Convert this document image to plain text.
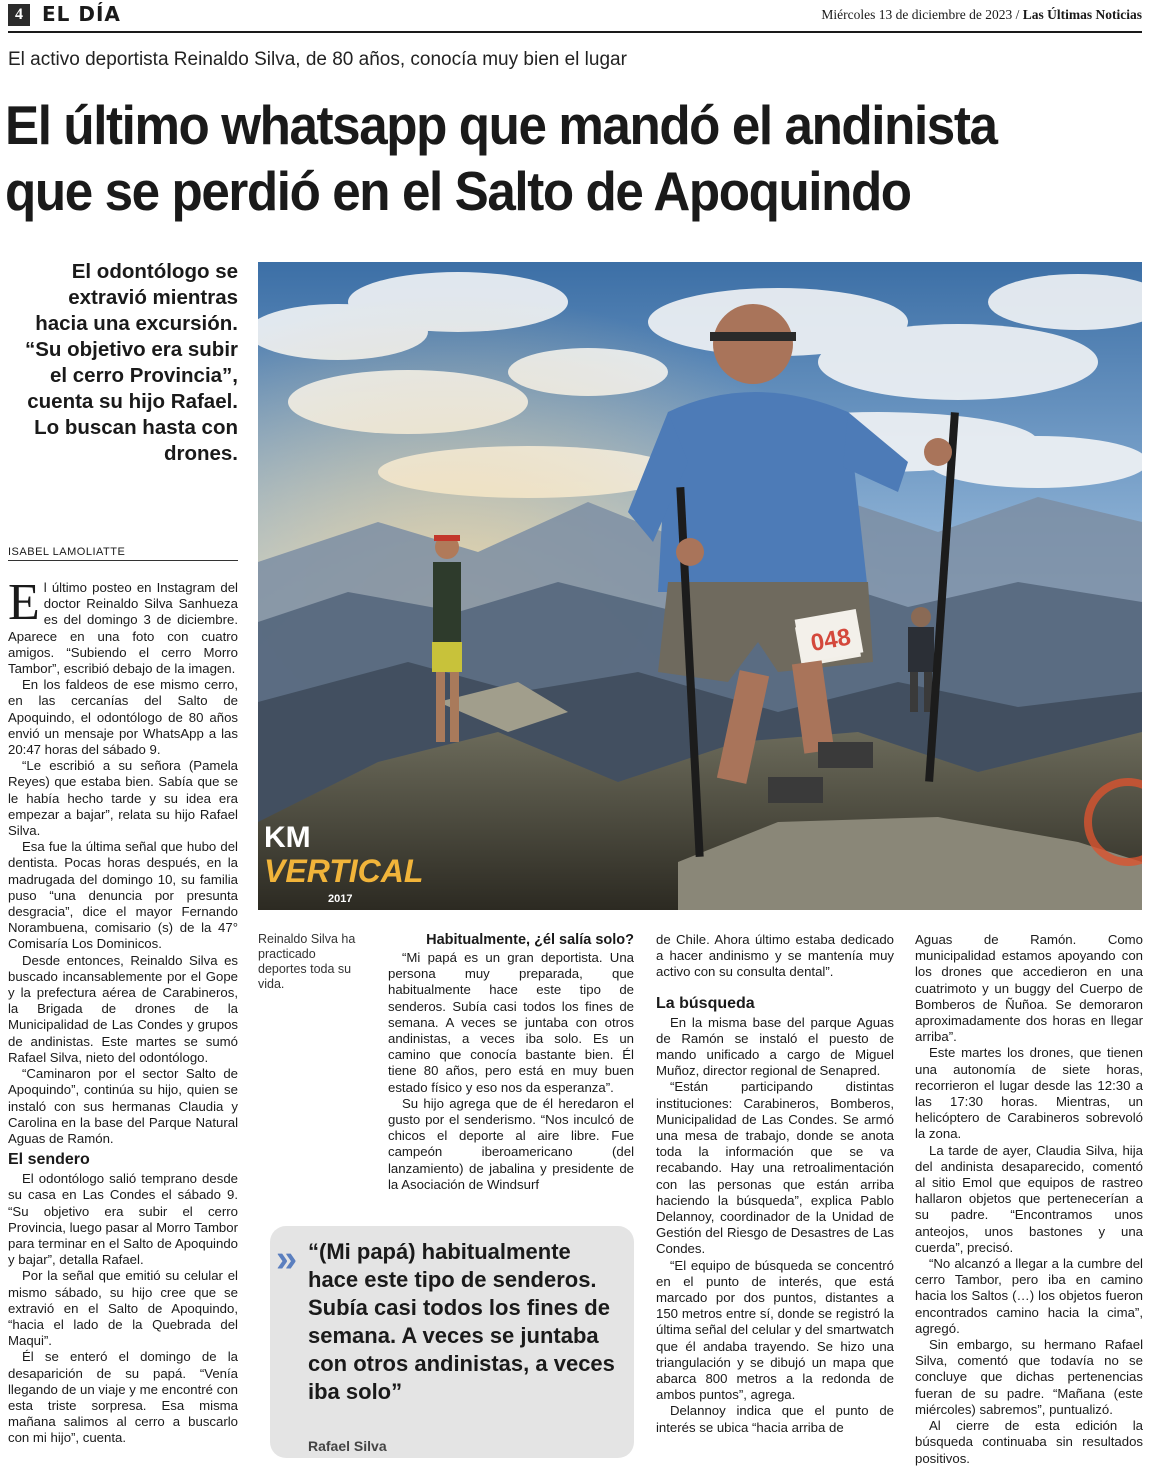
4 EL DÍA	Miércoles 13 de diciembre de 2023 / Las Últimas Noticias
El activo deportista Reinaldo Silva, de 80 años, conocía muy bien el lugar
El último whatsapp que mandó el andinista que se perdió en el Salto de Apoquindo

El odontólogo se extravió mientras hacia una excursión. “Su objetivo era subir el cerro Provincia”, cuenta su hijo Rafael. Lo buscan hasta con drones.

ISABEL LAMOLIATTE
048
KM
VERTICAL
2017
Reinaldo Silva ha practicado deportes toda su vida.

El último posteo en Instagram del doctor Reinaldo Silva Sanhueza es del domingo 3 de diciembre. Aparece en una foto con cuatro amigos. “Subiendo el cerro Morro Tambor”, escribió debajo de la imagen.

En los faldeos de ese mismo cerro, en las cercanías del Salto de Apoquindo, el odontólogo de 80 años envió un mensaje por WhatsApp a las 20:47 horas del sábado 9.

“Le escribió a su señora (Pamela Reyes) que estaba bien. Sabía que se le había hecho tarde y su idea era empezar a bajar”, relata su hijo Rafael Silva.

Esa fue la última señal que hubo del dentista. Pocas horas después, en la madrugada del domingo 10, su familia puso “una denuncia por presunta desgracia”, dice el mayor Fernando Norambuena, comisario (s) de la 47° Comisaría Los Dominicos.

Desde entonces, Reinaldo Silva es buscado incansablemente por el Gope y la prefectura aérea de Carabineros, la Brigada de drones de la Municipalidad de Las Condes y grupos de andinistas. Este martes se sumó Rafael Silva, nieto del odontólogo.

“Caminaron por el sector Salto de Apoquindo”, continúa su hijo, quien se instaló con sus hermanas Claudia y Carolina en la base del Parque Natural Aguas de Ramón.

El sendero

El odontólogo salió temprano desde su casa en Las Condes el sábado 9. “Su objetivo era subir el cerro Provincia, luego pasar al Morro Tambor para terminar en el Salto de Apoquindo y bajar”, detalla Rafael.

Por la señal que emitió su celular el mismo sábado, su hijo cree que se extravió en el Salto de Apoquindo, “hacia el lado de la Quebrada del Maqui”.

Él se enteró el domingo de la desaparición de su papá. “Venía llegando de un viaje y me encontré con esta triste sorpresa. Esa misma mañana salimos al cerro a buscarlo con mi hijo”, cuenta.

Habitualmente, ¿él salía solo?

“Mi papá es un gran deportista. Una persona muy preparada, que habitualmente hace este tipo de senderos. Subía casi todos los fines de semana. A veces se juntaba con otros andinistas, a veces iba solo. Es un camino que conocía bastante bien. Él tiene 80 años, pero está en muy buen estado físico y eso nos da esperanza”.

Su hijo agrega que de él heredaron el gusto por el senderismo. “Nos inculcó de chicos el deporte al aire libre. Fue campeón iberoamericano (del lanzamiento) de jabalina y presidente de la Asociación de Windsurf

» “(Mi papá) habitualmente hace este tipo de senderos. Subía casi todos los fines de semana. A veces se juntaba con otros andinistas, a veces iba solo”

Rafael Silva

de Chile. Ahora último estaba dedicado a hacer andinismo y se mantenía muy activo con su consulta dental”.

La búsqueda

En la misma base del parque Aguas de Ramón se instaló el puesto de mando unificado a cargo de Miguel Muñoz, director regional de Senapred.

“Están participando distintas instituciones: Carabineros, Bomberos, Municipalidad de Las Condes. Se armó una mesa de trabajo, donde se anota toda la información que se va recabando. Hay una retroalimentación con las personas que están arriba haciendo la búsqueda”, explica Pablo Delannoy, coordinador de la Unidad de Gestión del Riesgo de Desastres de Las Condes.

“El equipo de búsqueda se concentró en el punto de interés, que está marcado por dos puntos, distantes a 150 metros entre sí, donde se registró la última señal del celular y del smartwatch que él andaba trayendo. Se hizo una triangulación y se dibujó un mapa que abarca 800 metros a la redonda de ambos puntos”, agrega.

Delannoy indica que el punto de interés se ubica “hacia arriba de

Aguas de Ramón. Como municipalidad estamos apoyando con los drones que accedieron en una cuatrimoto y un buggy del Cuerpo de Bomberos de Ñuñoa. Se demoraron aproximadamente dos horas en llegar arriba”.

Este martes los drones, que tienen una autonomía de siete horas, recorrieron el lugar desde las 12:30 a las 17:30 horas. Mientras, un helicóptero de Carabineros sobrevoló la zona.

La tarde de ayer, Claudia Silva, hija del andinista desaparecido, comentó al sitio Emol que equipos de rastreo hallaron objetos que pertenecerían a su padre. “Encontramos unos anteojos, unos bastones y una cuerda”, precisó.

“No alcanzó a llegar a la cumbre del cerro Tambor, pero iba en camino hacia los Saltos (…) los objetos fueron encontrados camino hacia la cima”, agregó.

Sin embargo, su hermano Rafael Silva, comentó que todavía no se concluye que dichas pertenencias fueran de su padre. “Mañana (este miércoles) sabremos”, puntualizó.

Al cierre de esta edición la búsqueda continuaba sin resultados positivos.
